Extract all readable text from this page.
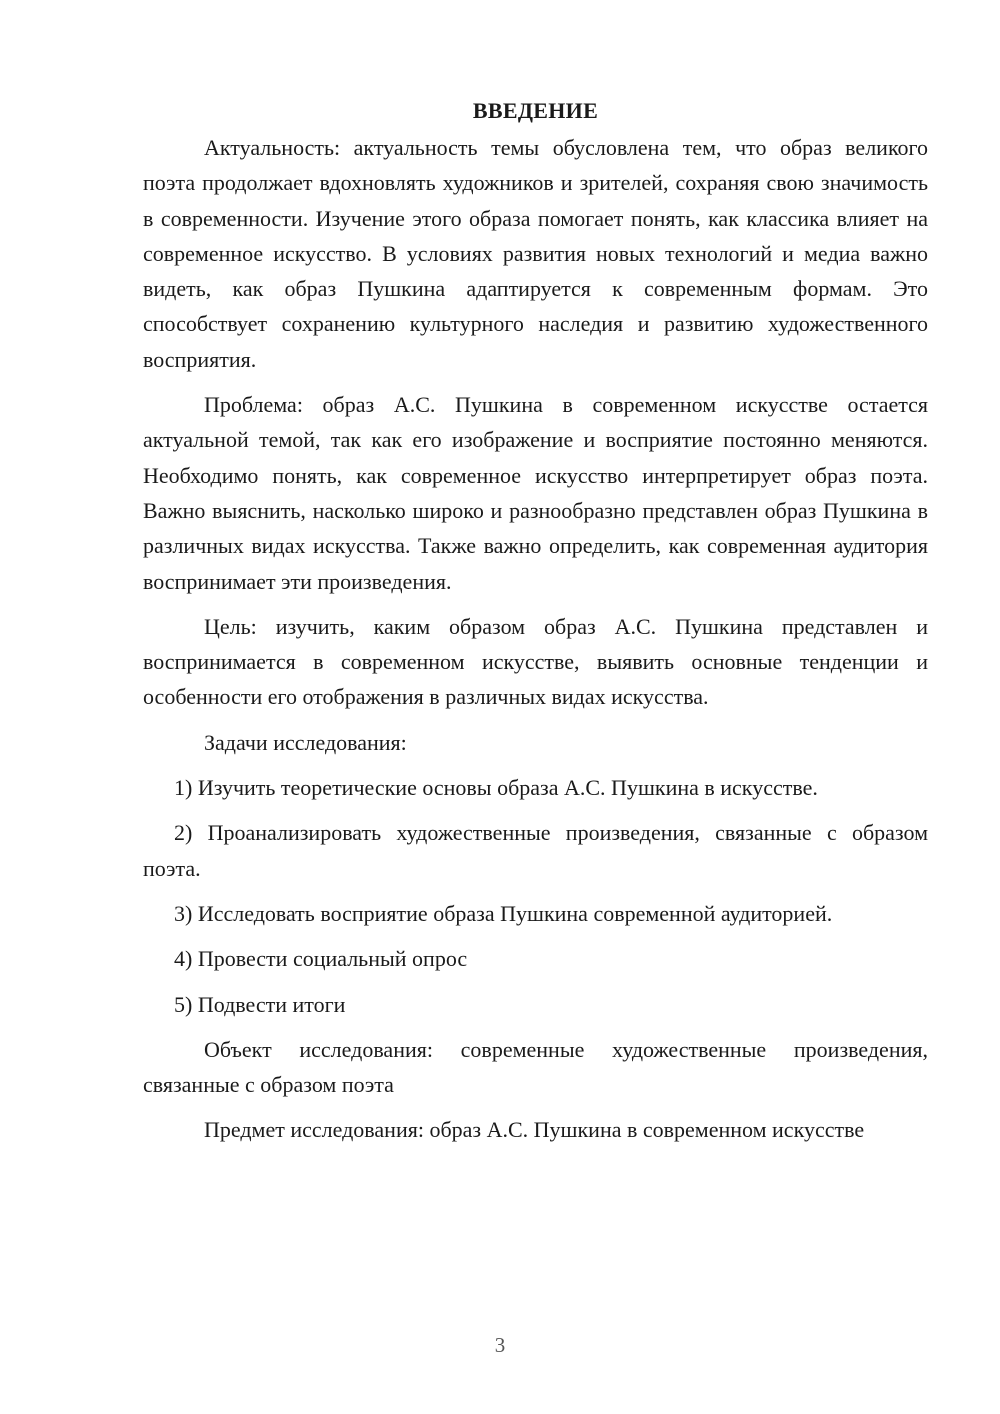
ВВЕДЕНИЕ

Актуальность: актуальность темы обусловлена тем, что образ великого поэта продолжает вдохновлять художников и зрителей, сохраняя свою значимость в современности. Изучение этого образа помогает понять, как классика влияет на современное искусство. В условиях развития новых технологий и медиа важно видеть, как образ Пушкина адаптируется к современным формам. Это способствует сохранению культурного наследия и развитию художественного восприятия.

Проблема: образ А.С. Пушкина в современном искусстве остается актуальной темой, так как его изображение и восприятие постоянно меняются. Необходимо понять, как современное искусство интерпретирует образ поэта. Важно выяснить, насколько широко и разнообразно представлен образ Пушкина в различных видах искусства. Также важно определить, как современная аудитория воспринимает эти произведения.

Цель: изучить, каким образом образ А.С. Пушкина представлен и воспринимается в современном искусстве, выявить основные тенденции и особенности его отображения в различных видах искусства.

Задачи исследования:

1) Изучить теоретические основы образа А.С. Пушкина в искусстве.

2) Проанализировать художественные произведения, связанные с образом поэта.

3) Исследовать восприятие образа Пушкина современной аудиторией.

4) Провести социальный опрос

5) Подвести итоги

Объект исследования: современные художественные произведения, связанные с образом поэта

Предмет исследования: образ А.С. Пушкина в современном искусстве

3
